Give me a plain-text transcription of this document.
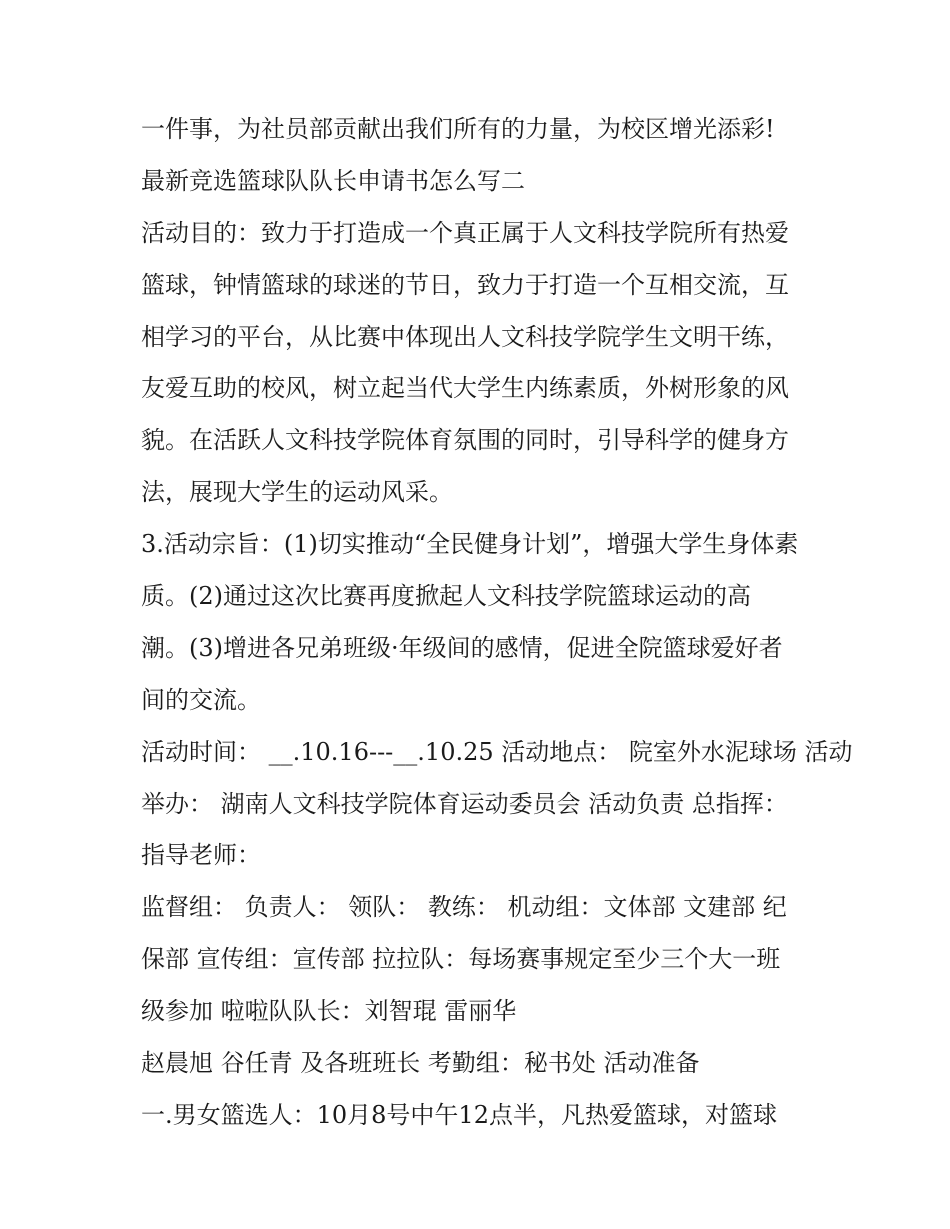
一件事，为社员部贡献出我们所有的力量，为校区增光添彩!

最新竞选篮球队队长申请书怎么写二

活动目的：致力于打造成一个真正属于人文科技学院所有热爱

篮球，钟情篮球的球迷的节日，致力于打造一个互相交流，互

相学习的平台，从比赛中体现出人文科技学院学生文明干练，

友爱互助的校风，树立起当代大学生内练素质，外树形象的风

貌。在活跃人文科技学院体育氛围的同时，引导科学的健身方

法，展现大学生的运动风采。

3.活动宗旨：(1)切实推动“全民健身计划”，增强大学生身体素

质。(2)通过这次比赛再度掀起人文科技学院篮球运动的高

潮。(3)增进各兄弟班级·年级间的感情，促进全院篮球爱好者

间的交流。

活动时间： __.10.16---__.10.25 活动地点： 院室外水泥球场 活动

举办： 湖南人文科技学院体育运动委员会 活动负责 总指挥：

指导老师：

监督组： 负责人： 领队： 教练： 机动组：文体部 文建部 纪

保部 宣传组：宣传部 拉拉队：每场赛事规定至少三个大一班

级参加 啦啦队队长：刘智琨 雷丽华

赵晨旭 谷任青 及各班班长 考勤组：秘书处 活动准备

一.男女篮选人：10月8号中午12点半，凡热爱篮球，对篮球
